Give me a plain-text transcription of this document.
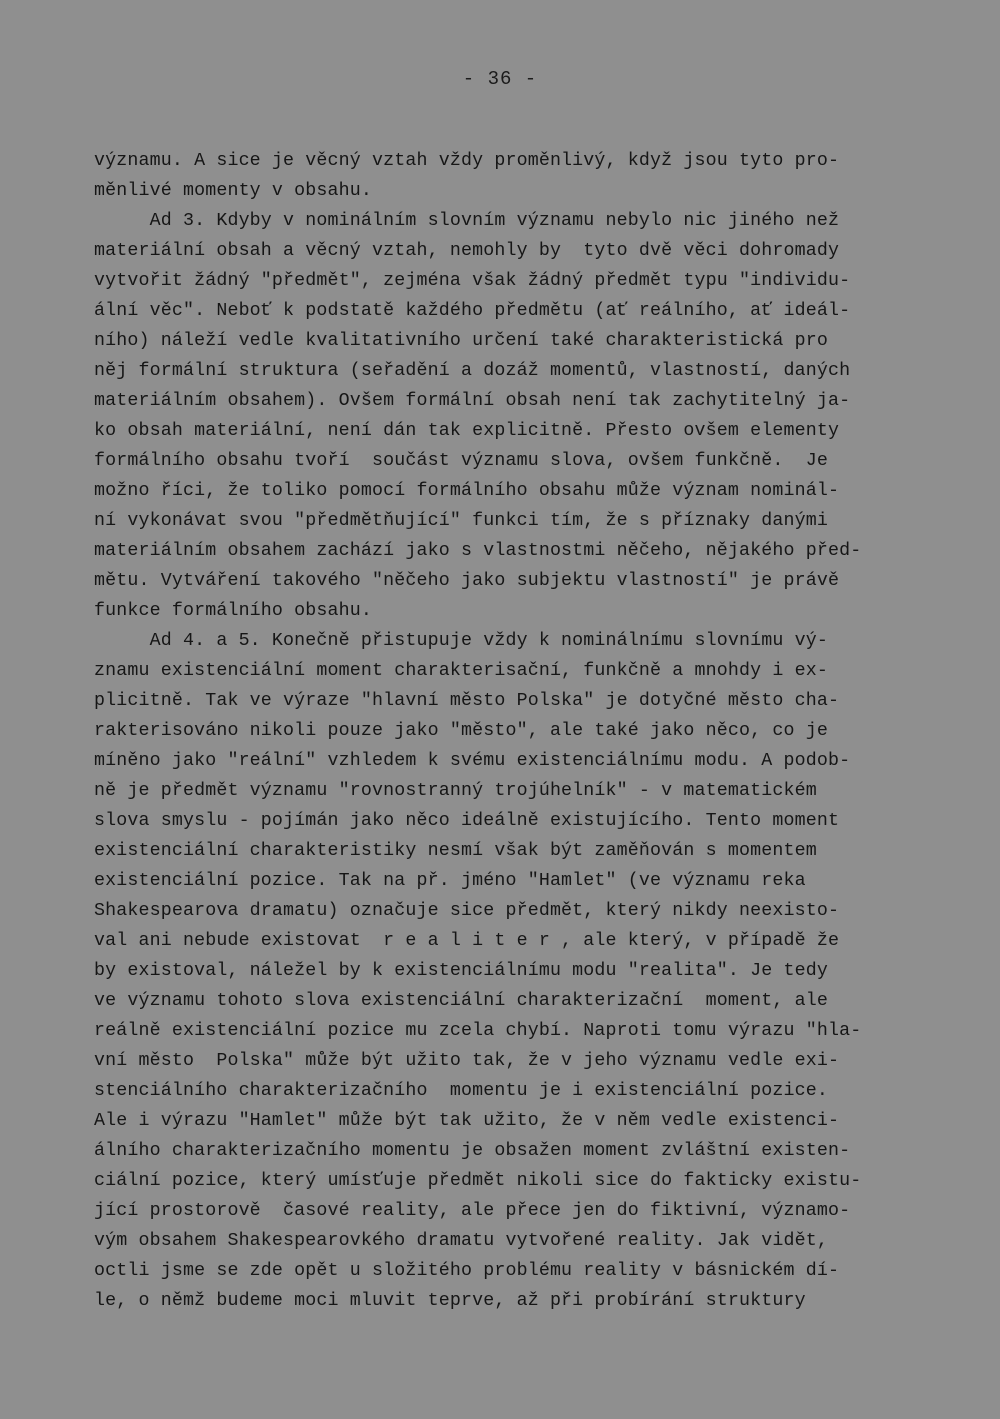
- 36 -
významu. A sice je věcný vztah vždy proměnlivý, když jsou tyto pro-
měnlivé momenty v obsahu.
Ad 3. Kdyby v nominálním slovním významu nebylo nic jiného než
materiální obsah a věcný vztah, nemohly by  tyto dvě věci dohromady
vytvořit žádný "předmět", zejména však žádný předmět typu "individu-
ální věc". Neboť k podstatě každého předmětu (ať reálního, ať ideál-
ního) náleží vedle kvalitativního určení také charakteristická pro
něj formální struktura (seřadění a dozáž momentů, vlastností, daných
materiálním obsahem). Ovšem formální obsah není tak zachytitelný ja-
ko obsah materiální, není dán tak explicitně. Přesto ovšem elementy
formálního obsahu tvoří  součást významu slova, ovšem funkčně.  Je
možno říci, že toliko pomocí formálního obsahu může význam nominál-
ní vykonávat svou "předmětňující" funkci tím, že s příznaky danými
materiálním obsahem zachází jako s vlastnostmi něčeho, nějakého před-
mětu. Vytváření takového "něčeho jako subjektu vlastností" je právě
funkce formálního obsahu.
Ad 4. a 5. Konečně přistupuje vždy k nominálnímu slovnímu vý-
znamu existenciální moment charakterisační, funkčně a mnohdy i ex-
plicitně. Tak ve výraze "hlavní město Polska" je dotyčné město cha-
rakterisováno nikoli pouze jako "město", ale také jako něco, co je
míněno jako "reální" vzhledem k svému existenciálnímu modu. A podob-
ně je předmět významu "rovnostranný trojúhelník" - v matematickém
slova smyslu - pojímán jako něco ideálně existujícího. Tento moment
existenciální charakteristiky nesmí však být zaměňován s momentem
existenciální pozice. Tak na př. jméno "Hamlet" (ve významu reka
Shakespearova dramatu) označuje sice předmět, který nikdy neexisto-
val ani nebude existovat  r e a l i t e r , ale který, v případě že
by existoval, náležel by k existenciálnímu modu "realita". Je tedy
ve významu tohoto slova existenciální charakterizační  moment, ale
reálně existenciální pozice mu zcela chybí. Naproti tomu výrazu "hla-
vní město  Polska" může být užito tak, že v jeho významu vedle exi-
stenciálního charakterizačního  momentu je i existenciální pozice.
Ale i výrazu "Hamlet" může být tak užito, že v něm vedle existenci-
álního charakterizačního momentu je obsažen moment zvláštní existen-
ciální pozice, který umísťuje předmět nikoli sice do fakticky existu-
jící prostorově  časové reality, ale přece jen do fiktivní, významo-
vým obsahem Shakespearovkého dramatu vytvořené reality. Jak vidět,
octli jsme se zde opět u složitého problému reality v básnickém dí-
le, o němž budeme moci mluvit teprve, až při probírání struktury
